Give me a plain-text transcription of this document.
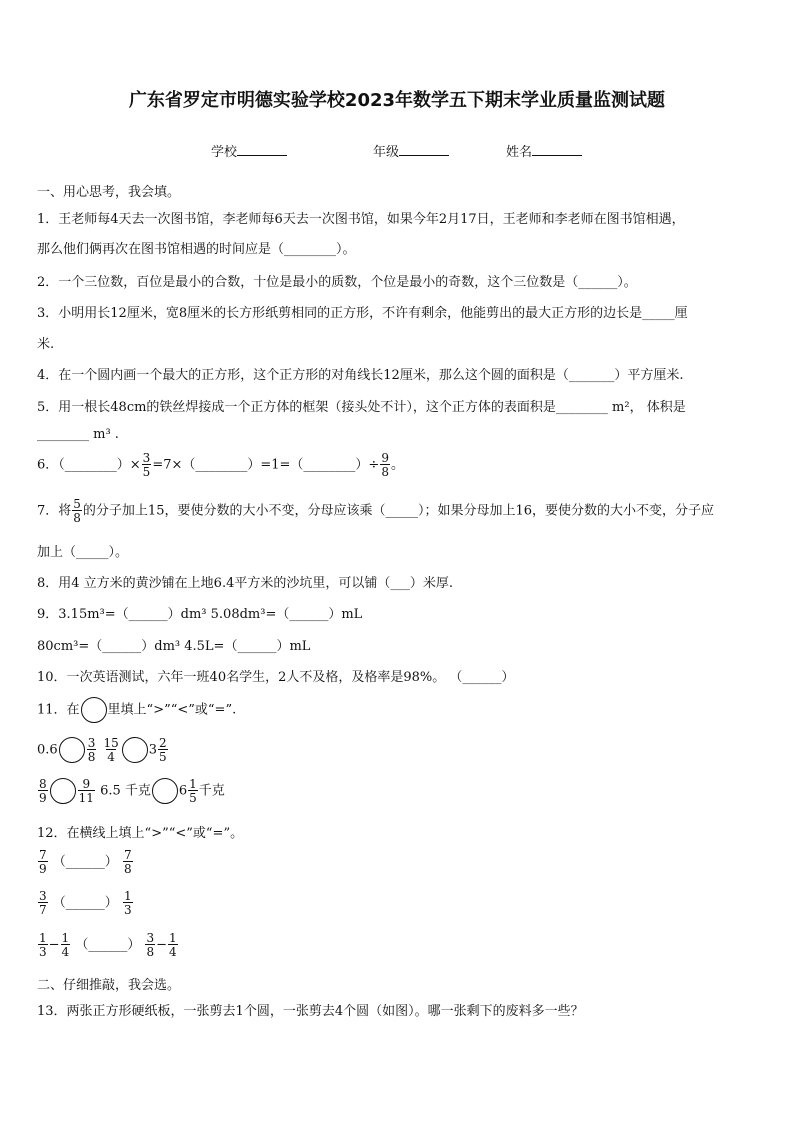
广东省罗定市明德实验学校2023年数学五下期末学业质量监测试题
学校	年级	姓名
一、用心思考，我会填。
1．王老师每4天去一次图书馆，李老师每6天去一次图书馆，如果今年2月17日，王老师和李老师在图书馆相遇，
那么他们俩再次在图书馆相遇的时间应是（________）。
2．一个三位数，百位是最小的合数，十位是最小的质数，个位是最小的奇数，这个三位数是（______）。
3．小明用长12厘米，宽8厘米的长方形纸剪相同的正方形，不许有剩余，他能剪出的最大正方形的边长是_____厘
米.
4．在一个圆内画一个最大的正方形，这个正方形的对角线长12厘米，那么这个圆的面积是（_______）平方厘米.
5．用一根长48cm的铁丝焊接成一个正方体的框架（接头处不计），这个正方体的表面积是________ m²， 体积是
________ m³ .
6．（________）× $\frac{3}{5}$ =7×（________）=1=（________）÷ $\frac{9}{8}$ 。
7．将 $\frac{5}{8}$ 的分子加上15，要使分数的大小不变，分母应该乘（_____）；如果分母加上16，要使分数的大小不变，分子应
加上（_____）。
8．用4 立方米的黄沙铺在上地6.4平方米的沙坑里，可以铺（___）米厚.
9．3.15m³=（______）dm³ 5.08dm³=（______）mL
80cm³=（______）dm³ 4.5L=（______）mL
10．一次英语测试，六年一班40名学生，2人不及格，及格率是98%。 （______）
11．在 里填上“>”“<”或“=”.
$0.6 \frac{3}{8}$
$\frac{15}{4} 3 \frac{2}{5}$
$\frac{8}{9}$	$\frac{9}{11} 6.5$ 千克 $6 \frac{1}{5}$ 千克
12．在横线上填上“>”“<”或“=”。
$\frac{7}{9}$ （______） $\frac{7}{8}$
$\frac{3}{7}$ （______） $\frac{1}{3}$
$\frac{1}{3} - \frac{1}{4}$ （______） $\frac{3}{8} - \frac{1}{4}$
二、仔细推敲，我会选。
13．两张正方形硬纸板，一张剪去1个圆，一张剪去4个圆（如图）。哪一张剩下的废料多一些？
